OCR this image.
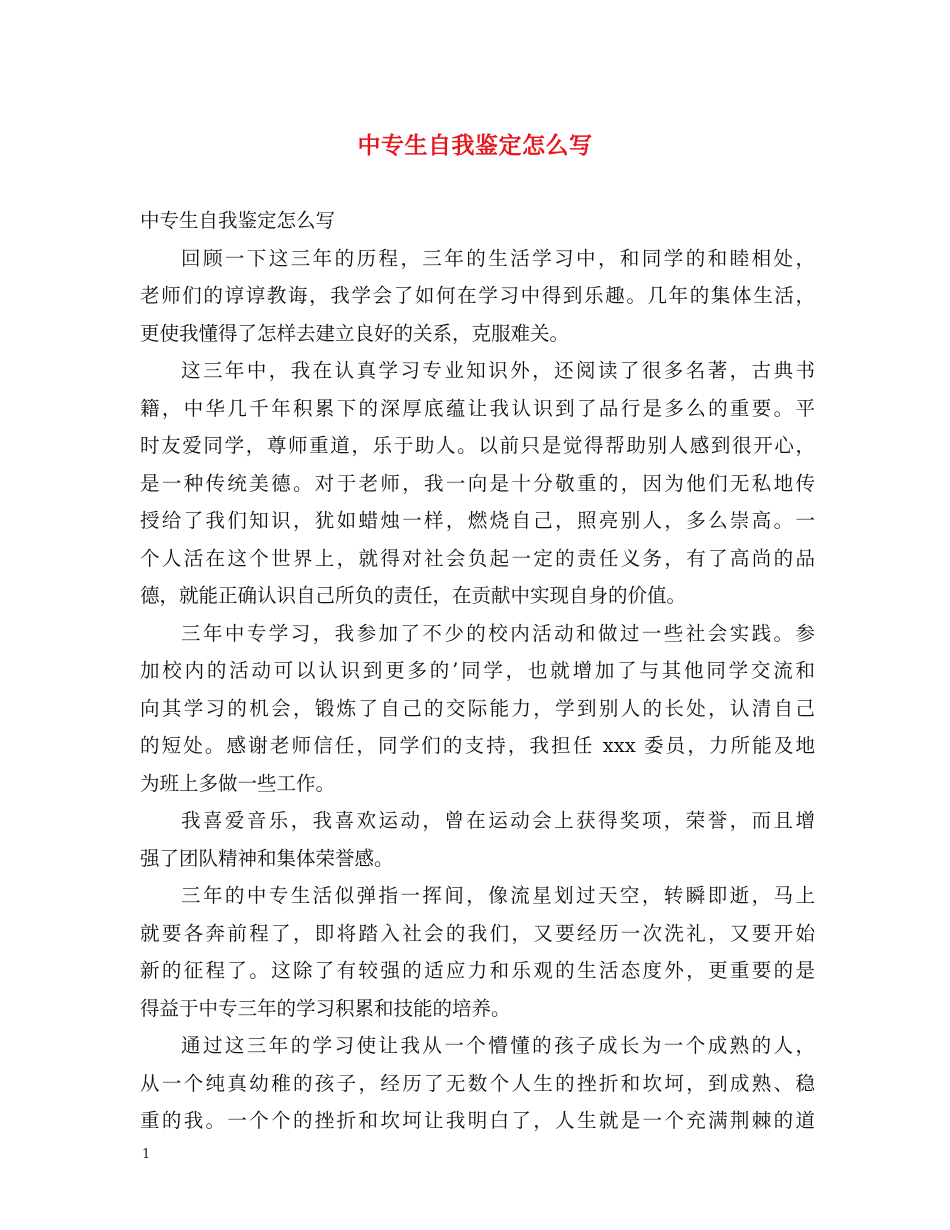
中专生自我鉴定怎么写
中专生自我鉴定怎么写
回顾一下这三年的历程，三年的生活学习中，和同学的和睦相处，
老师们的谆谆教诲，我学会了如何在学习中得到乐趣。几年的集体生活，
更使我懂得了怎样去建立良好的关系，克服难关。
这三年中，我在认真学习专业知识外，还阅读了很多名著，古典书
籍，中华几千年积累下的深厚底蕴让我认识到了品行是多么的重要。平
时友爱同学，尊师重道，乐于助人。以前只是觉得帮助别人感到很开心，
是一种传统美德。对于老师，我一向是十分敬重的，因为他们无私地传
授给了我们知识，犹如蜡烛一样，燃烧自己，照亮别人，多么崇高。一
个人活在这个世界上，就得对社会负起一定的责任义务，有了高尚的品
德，就能正确认识自己所负的责任，在贡献中实现自身的价值。
三年中专学习，我参加了不少的校内活动和做过一些社会实践。参
加校内的活动可以认识到更多的’同学，也就增加了与其他同学交流和
向其学习的机会，锻炼了自己的交际能力，学到别人的长处，认清自己
的短处。感谢老师信任，同学们的支持，我担任 xxx 委员，力所能及地
为班上多做一些工作。
我喜爱音乐，我喜欢运动，曾在运动会上获得奖项，荣誉，而且增
强了团队精神和集体荣誉感。
三年的中专生活似弹指一挥间，像流星划过天空，转瞬即逝，马上
就要各奔前程了，即将踏入社会的我们，又要经历一次洗礼，又要开始
新的征程了。这除了有较强的适应力和乐观的生活态度外，更重要的是
得益于中专三年的学习积累和技能的培养。
通过这三年的学习使让我从一个懵懂的孩子成长为一个成熟的人，
从一个纯真幼稚的孩子，经历了无数个人生的挫折和坎坷，到成熟、稳
重的我。一个个的挫折和坎坷让我明白了，人生就是一个充满荆棘的道
1
